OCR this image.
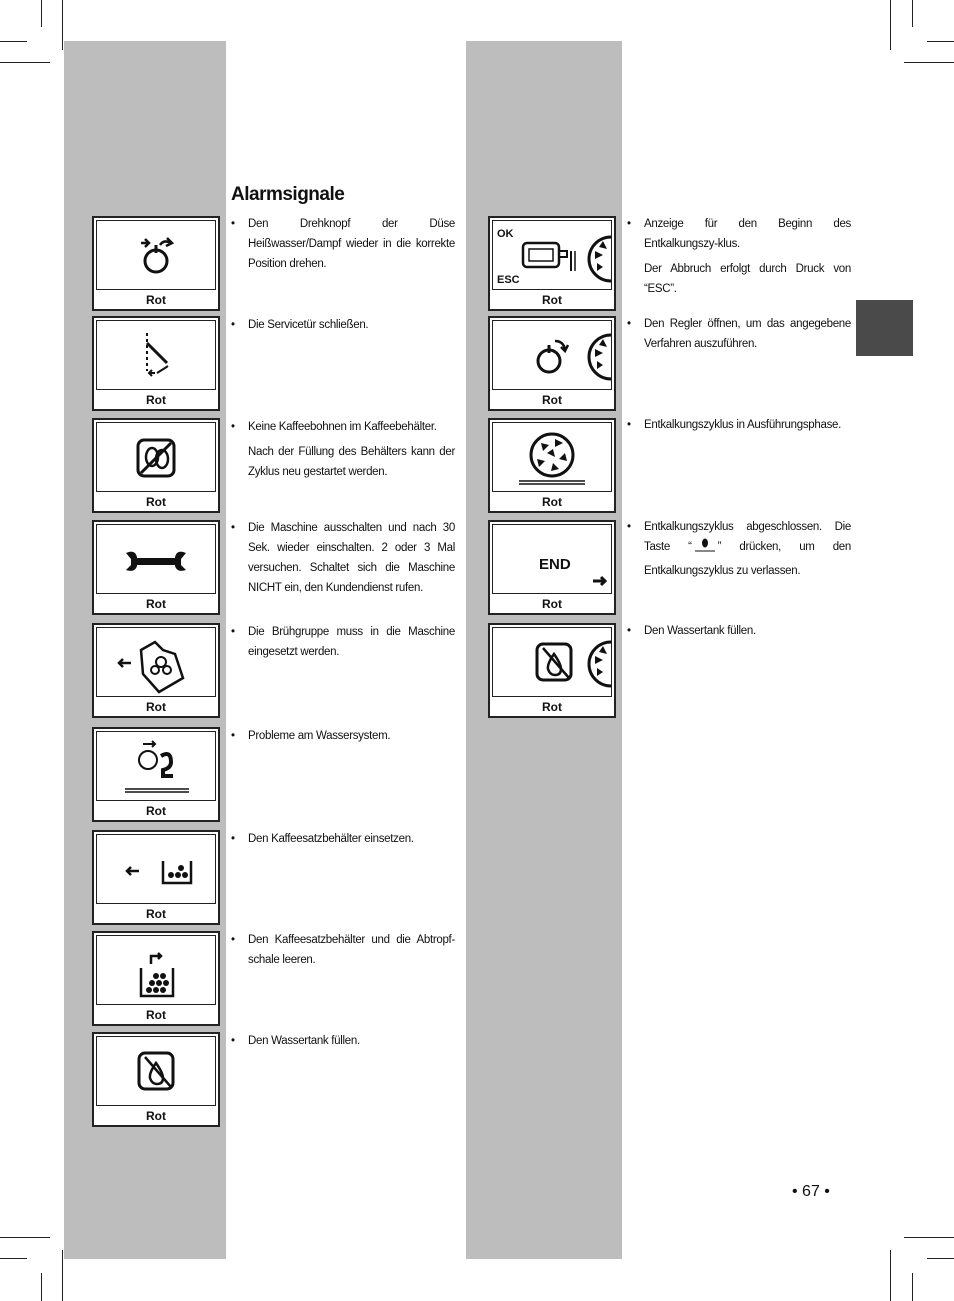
Alarmsignale
Rot
Rot
Rot
Rot
Rot
Rot
Rot
Rot
Rot
• Den Drehknopf der Düse Heißwasser/Dampf wieder in die korrekte Position drehen.
• Die Servicetür schließen.
• Keine Kaffeebohnen im Kaffeebehälter.
Nach der Füllung des Behälters kann der Zyklus neu gestartet werden.
• Die Maschine ausschalten und nach 30 Sek. wieder einschalten. 2 oder 3 Mal versuchen. Schaltet sich die Maschine NICHT ein, den Kundendienst rufen.
• Die Brühgruppe muss in die Maschine eingesetzt werden.
• Probleme am Wassersystem.
• Den Kaffeesatzbehälter einsetzen.
• Den Kaffeesatzbehälter und die Abtropf-schale leeren.
• Den Wassertank füllen.
OK
ESC
Rot
Rot
Rot
END
Rot
Rot
• Anzeige für den Beginn des Entkalkungszy-klus.
Der Abbruch erfolgt durch Druck von “ESC”.
• Den Regler öffnen, um das angegebene Verfahren auszuführen.
• Entkalkungszyklus in Ausführungsphase.
• Entkalkungszyklus abgeschlossen. Die Taste “ ” drücken, um den Entkalkungszyklus zu verlassen.
• Den Wassertank füllen.
• 67 •
